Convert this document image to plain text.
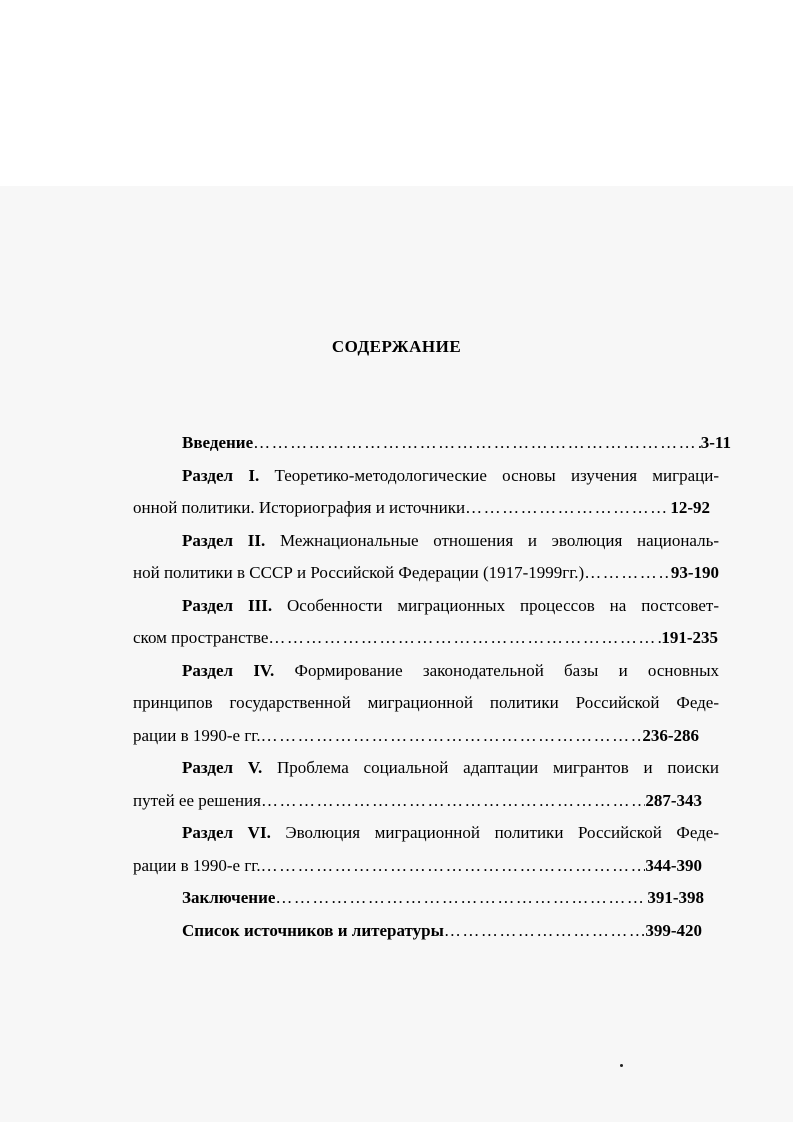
СОДЕРЖАНИЕ
Введение ………………………………………………………………………………………………………………………………	3-11
Раздел I. Теоретико-методологические основы изучения миграци-
онной политики. Историография и источники ………………………………………………………………………………………………………………………………	12-92
Раздел II. Межнациональные отношения и эволюция националь-
ной политики в СССР и Российской Федерации (1917-1999гг.) ………………………………………………………………………………………………………………………………	93-190
Раздел III. Особенности миграционных процессов на постсовет-
ском пространстве ………………………………………………………………………………………………………………………………	191-235
Раздел IV. Формирование законодательной базы и основных
принципов государственной миграционной политики Российской Феде-
рации в 1990-е гг. ………………………………………………………………………………………………………………………………	236-286
Раздел V. Проблема социальной адаптации мигрантов и поиски
путей ее решения ………………………………………………………………………………………………………………………………	287-343
Раздел VI. Эволюция миграционной политики Российской Феде-
рации в 1990-е гг. ………………………………………………………………………………………………………………………………	344-390
Заключение ………………………………………………………………………………………………………………………………	391-398
Список источников и литературы ………………………………………………………………………………………………………………………………	399-420
